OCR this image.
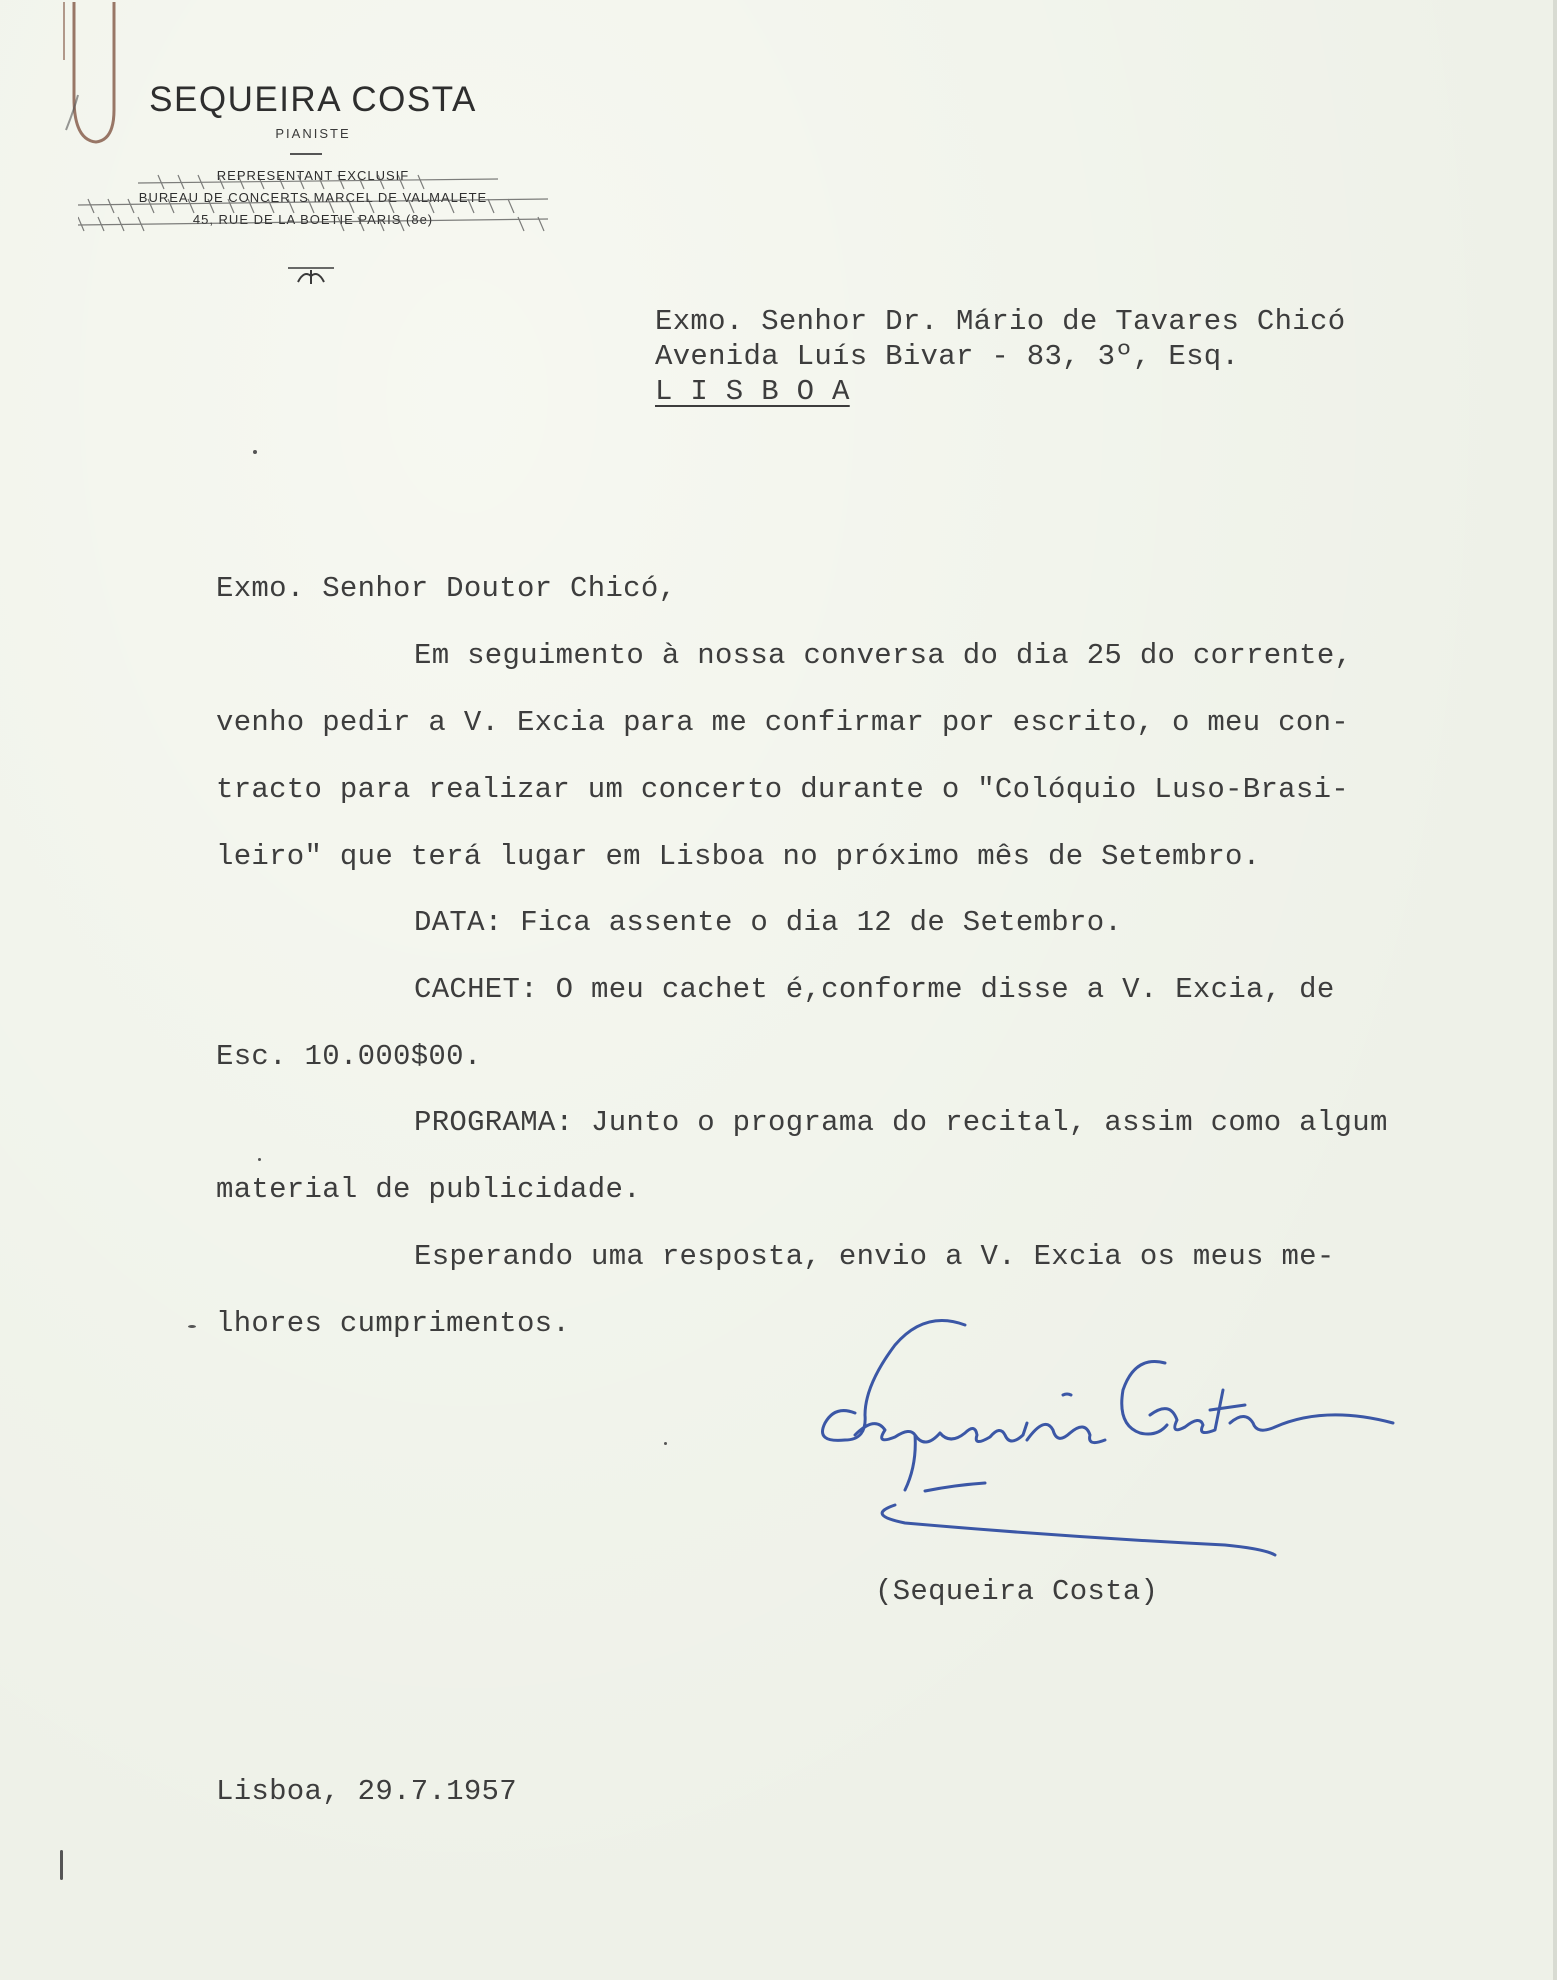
SEQUEIRA COSTA
PIANISTE
REPRESENTANT EXCLUSIF
BUREAU DE CONCERTS MARCEL DE VALMALETE
45, RUE DE LA BOETIE PARIS (8e)
Exmo. Senhor Dr. Mário de Tavares Chicó
Avenida Luís Bivar - 83, 3º, Esq.
L I S B O A
Exmo. Senhor Doutor Chicó,
Em seguimento à nossa conversa do dia 25 do corrente,
venho pedir a V. Excia para me confirmar por escrito, o meu con-
tracto para realizar um concerto durante o "Colóquio Luso-Brasi-
leiro" que terá lugar em Lisboa no próximo mês de Setembro.
DATA: Fica assente o dia 12 de Setembro.
CACHET: O meu cachet é,conforme disse a V. Excia, de
Esc. 10.000$00.
PROGRAMA: Junto o programa do recital, assim como algum
material de publicidade.
Esperando uma resposta, envio a V. Excia os meus me-
lhores cumprimentos.
(Sequeira Costa)
Lisboa, 29.7.1957
